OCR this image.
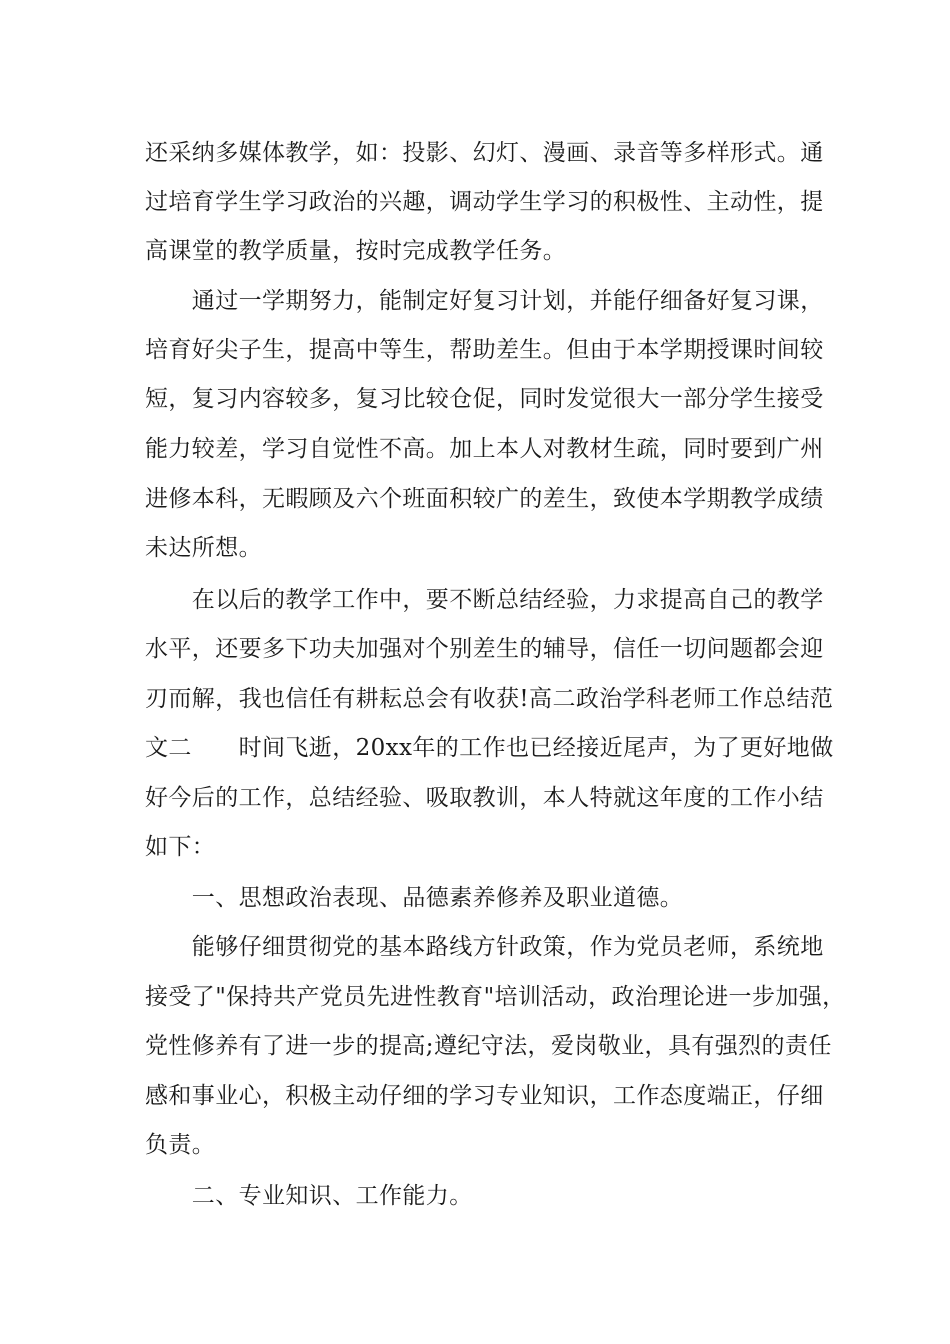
还采纳多媒体教学，如：投影、幻灯、漫画、录音等多样形式。通
过培育学生学习政治的兴趣，调动学生学习的积极性、主动性，提
高课堂的教学质量，按时完成教学任务。
　　通过一学期努力，能制定好复习计划，并能仔细备好复习课，
培育好尖子生，提高中等生，帮助差生。但由于本学期授课时间较
短，复习内容较多，复习比较仓促，同时发觉很大一部分学生接受
能力较差，学习自觉性不高。加上本人对教材生疏，同时要到广州
进修本科，无暇顾及六个班面积较广的差生，致使本学期教学成绩
未达所想。
　　在以后的教学工作中，要不断总结经验，力求提高自己的教学
水平，还要多下功夫加强对个别差生的辅导，信任一切问题都会迎
刃而解，我也信任有耕耘总会有收获!高二政治学科老师工作总结范
文二　　时间飞逝，20xx年的工作也已经接近尾声，为了更好地做
好今后的工作，总结经验、吸取教训，本人特就这年度的工作小结
如下：
　　一、思想政治表现、品德素养修养及职业道德。
　　能够仔细贯彻党的基本路线方针政策，作为党员老师，系统地
接受了"保持共产党员先进性教育"培训活动，政治理论进一步加强，
党性修养有了进一步的提高;遵纪守法，爱岗敬业，具有强烈的责任
感和事业心，积极主动仔细的学习专业知识，工作态度端正，仔细
负责。
　　二、专业知识、工作能力。
